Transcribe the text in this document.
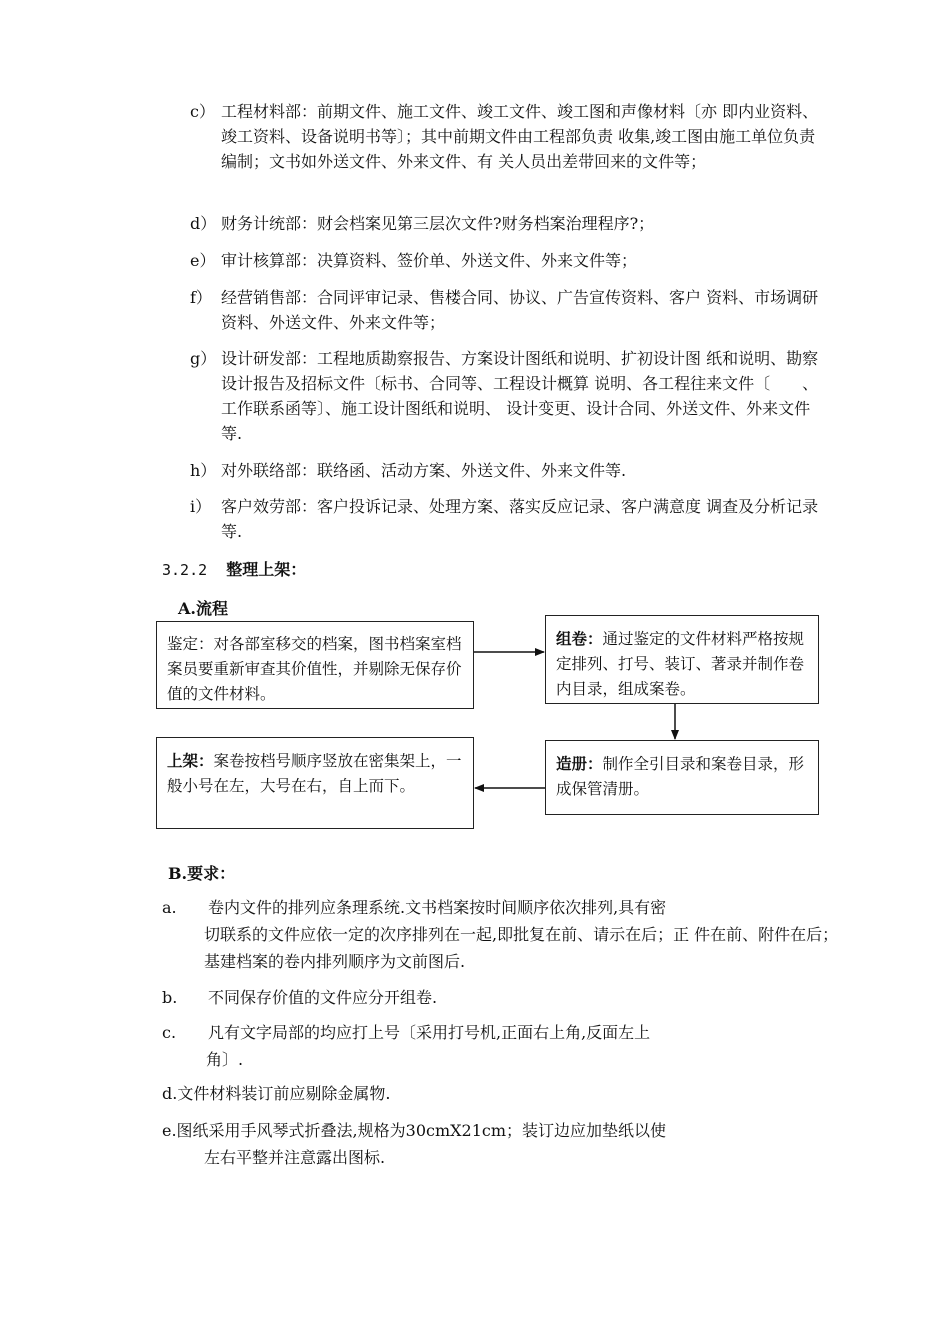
c） 工程材料部：前期文件、施工文件、竣工文件、竣工图和声像材料〔亦 即内业资料、竣工资料、设备说明书等〕；其中前期文件由工程部负责 收集,竣工图由施工单位负责编制；文书如外送文件、外来文件、有 关人员出差带回来的文件等；
d） 财务计统部：财会档案见第三层次文件?财务档案治理程序?；
e） 审计核算部：决算资料、签价单、外送文件、外来文件等；
f） 经营销售部：合同评审记录、售楼合同、协议、广告宣传资料、客户 资料、市场调研资料、外送文件、外来文件等；
g） 设计研发部：工程地质勘察报告、方案设计图纸和说明、扩初设计图 纸和说明、勘察设计报告及招标文件〔标书、合同等、工程设计概算 说明、各工程往来文件〔　　、工作联系函等〕、施工设计图纸和说明、 设计变更、设计合同、外送文件、外来文件等.
h） 对外联络部：联络函、活动方案、外送文件、外来文件等.
i） 客户效劳部：客户投诉记录、处理方案、落实反应记录、客户满意度 调查及分析记录等.
3.2.2 整理上架：
A.流程
鉴定：对各部室移交的档案，图书档案室档案员要重新审查其价值性，并剔除无保存价值的文件材料。
组卷：通过鉴定的文件材料严格按规定排列、打号、装订、著录并制作卷内目录，组成案卷。
造册：制作全引目录和案卷目录，形成保管清册。
上架：案卷按档号顺序竖放在密集架上，一般小号在左，大号在右，自上而下。
B.要求：
a. 卷内文件的排列应条理系统.文书档案按时间顺序依次排列,具有密
切联系的文件应依一定的次序排列在一起,即批复在前、请示在后；正 件在前、附件在后；基建档案的卷内排列顺序为文前图后.
b. 不同保存价值的文件应分开组卷.
c. 凡有文字局部的均应打上号〔采用打号机,正面右上角,反面左上
角〕.
d.文件材料装订前应剔除金属物.
e.图纸采用手风琴式折叠法,规格为30cmX21cm；装订边应加垫纸以使
左右平整并注意露出图标.
